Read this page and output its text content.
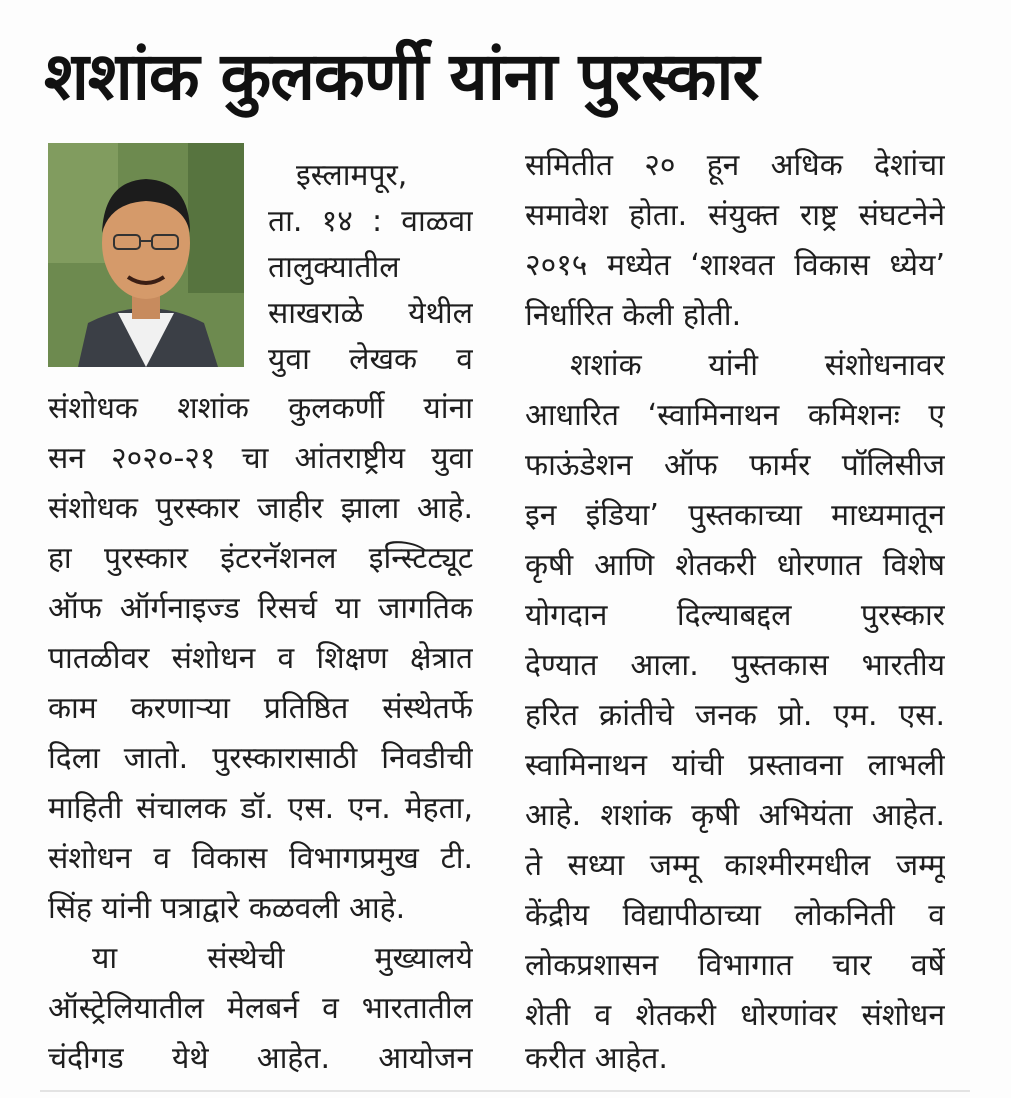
शशांक कुलकर्णी यांना पुरस्कार
इस्लामपूर,
ता. १४ : वाळवा
तालुक्यातील
साखराळे येथील
युवा लेखक व
संशोधक शशांक कुलकर्णी यांना
सन २०२०-२१ चा आंतराष्ट्रीय युवा
संशोधक पुरस्कार जाहीर झाला आहे.
हा पुरस्कार इंटरनॅशनल इन्स्टिट्यूट
ऑफ ऑर्गनाइज्ड रिसर्च या जागतिक
पातळीवर संशोधन व शिक्षण क्षेत्रात
काम करणाऱ्या प्रतिष्ठित संस्थेतर्फे
दिला जातो. पुरस्कारासाठी निवडीची
माहिती संचालक डॉ. एस. एन. मेहता,
संशोधन व विकास विभागप्रमुख टी.
सिंह यांनी पत्राद्वारे कळवली आहे.
या संस्थेची मुख्यालये
ऑस्ट्रेलियातील मेलबर्न व भारतातील
चंदीगड येथे आहेत. आयोजन
समितीत २० हून अधिक देशांचा
समावेश होता. संयुक्त राष्ट्र संघटनेने
२०१५ मध्येत ‘शाश्वत विकास ध्येय’
निर्धारित केली होती.
शशांक यांनी संशोधनावर
आधारित ‘स्वामिनाथन कमिशनः ए
फाऊंडेशन ऑफ फार्मर पॉलिसीज
इन इंडिया’ पुस्तकाच्या माध्यमातून
कृषी आणि शेतकरी धोरणात विशेष
योगदान दिल्याबद्दल पुरस्कार
देण्यात आला. पुस्तकास भारतीय
हरित क्रांतीचे जनक प्रो. एम. एस.
स्वामिनाथन यांची प्रस्तावना लाभली
आहे. शशांक कृषी अभियंता आहेत.
ते सध्या जम्मू काश्मीरमधील जम्मू
केंद्रीय विद्यापीठाच्या लोकनिती व
लोकप्रशासन विभागात चार वर्षे
शेती व शेतकरी धोरणांवर संशोधन
करीत आहेत.
